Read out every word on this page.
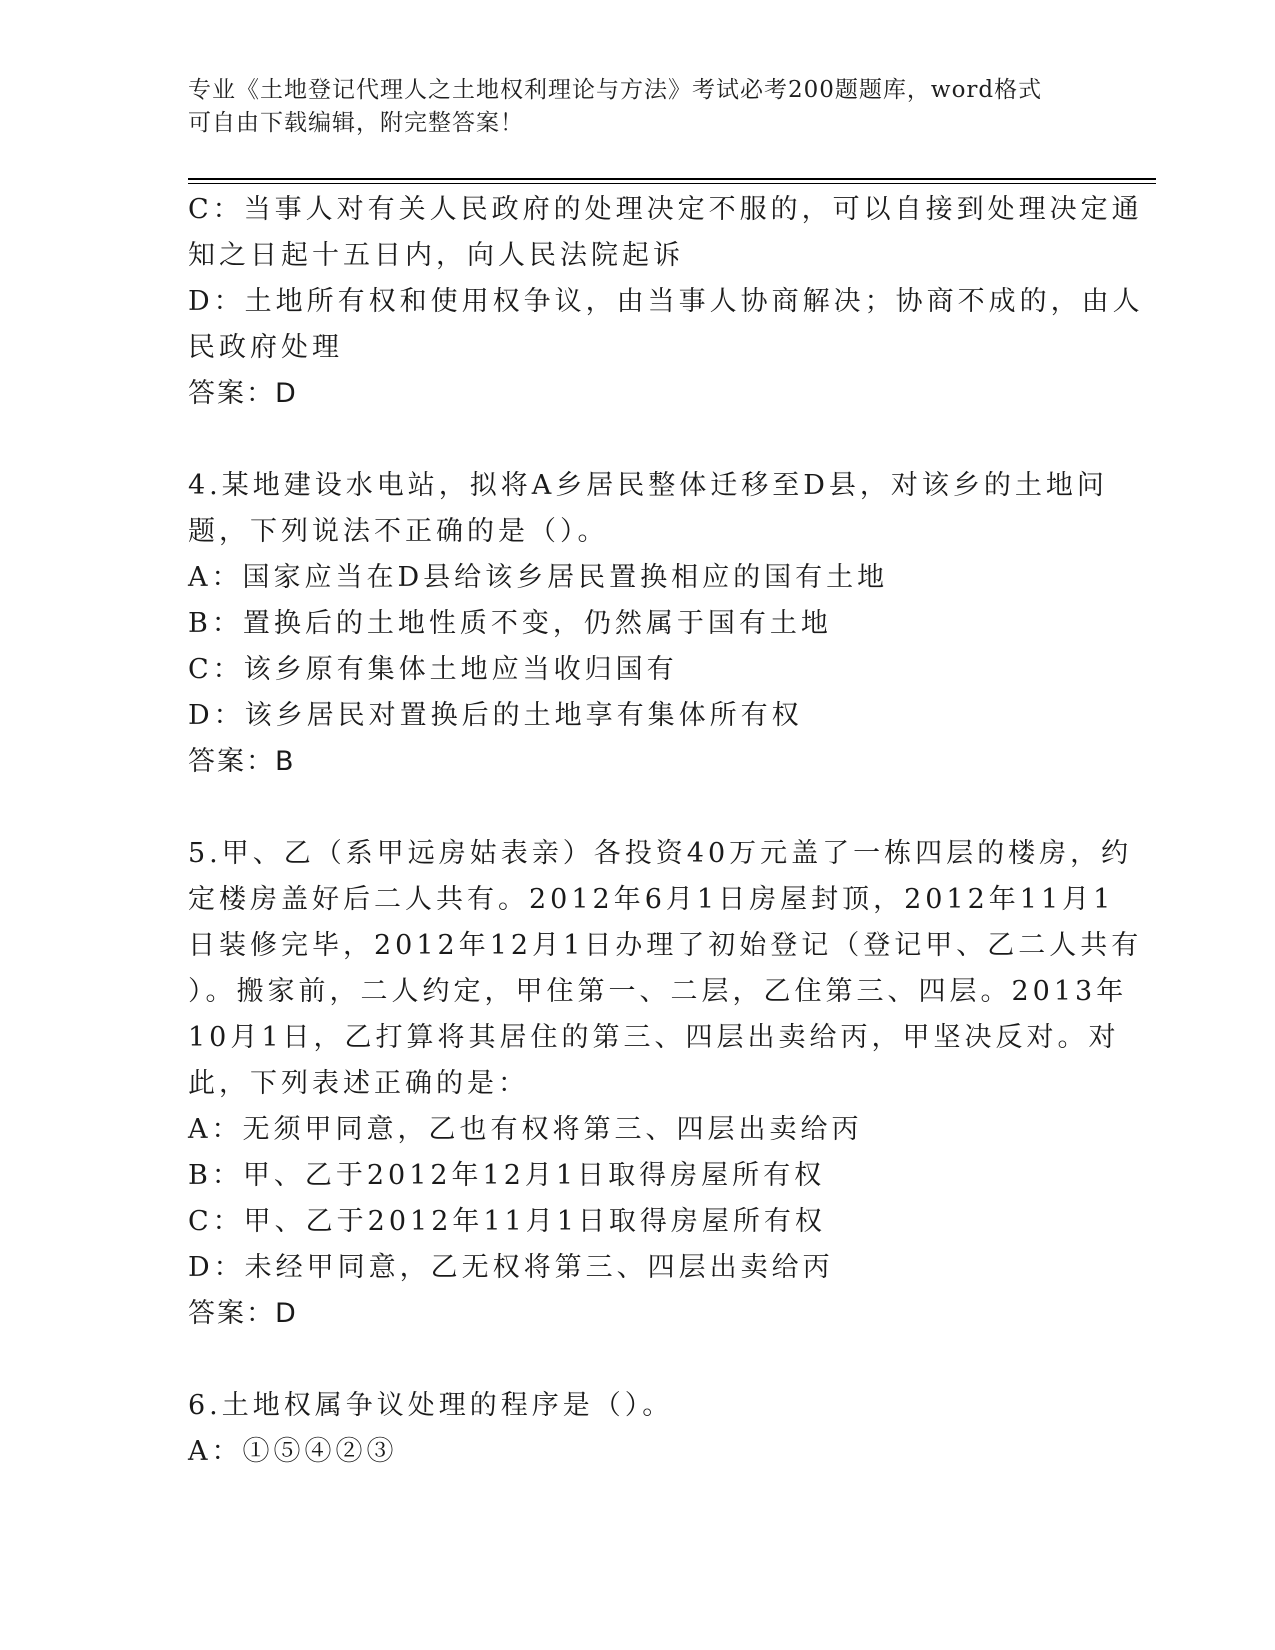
专业《土地登记代理人之土地权利理论与方法》考试必考200题题库，word格式
可自由下载编辑，附完整答案！
C：当事人对有关人民政府的处理决定不服的，可以自接到处理决定通
知之日起十五日内，向人民法院起诉
D：土地所有权和使用权争议，由当事人协商解决；协商不成的，由人
民政府处理
答案：D
4.某地建设水电站，拟将A乡居民整体迁移至D县，对该乡的土地问
题，下列说法不正确的是（）。
A：国家应当在D县给该乡居民置换相应的国有土地
B：置换后的土地性质不变，仍然属于国有土地
C：该乡原有集体土地应当收归国有
D：该乡居民对置换后的土地享有集体所有权
答案：B
5.甲、乙（系甲远房姑表亲）各投资40万元盖了一栋四层的楼房，约
定楼房盖好后二人共有。2012年6月1日房屋封顶，2012年11月1
日装修完毕，2012年12月1日办理了初始登记（登记甲、乙二人共有
）。搬家前，二人约定，甲住第一、二层，乙住第三、四层。2013年
10月1日，乙打算将其居住的第三、四层出卖给丙，甲坚决反对。对
此，下列表述正确的是：
A：无须甲同意，乙也有权将第三、四层出卖给丙
B：甲、乙于2012年12月1日取得房屋所有权
C：甲、乙于2012年11月1日取得房屋所有权
D：未经甲同意，乙无权将第三、四层出卖给丙
答案：D
6.土地权属争议处理的程序是（）。
A：①⑤④②③
